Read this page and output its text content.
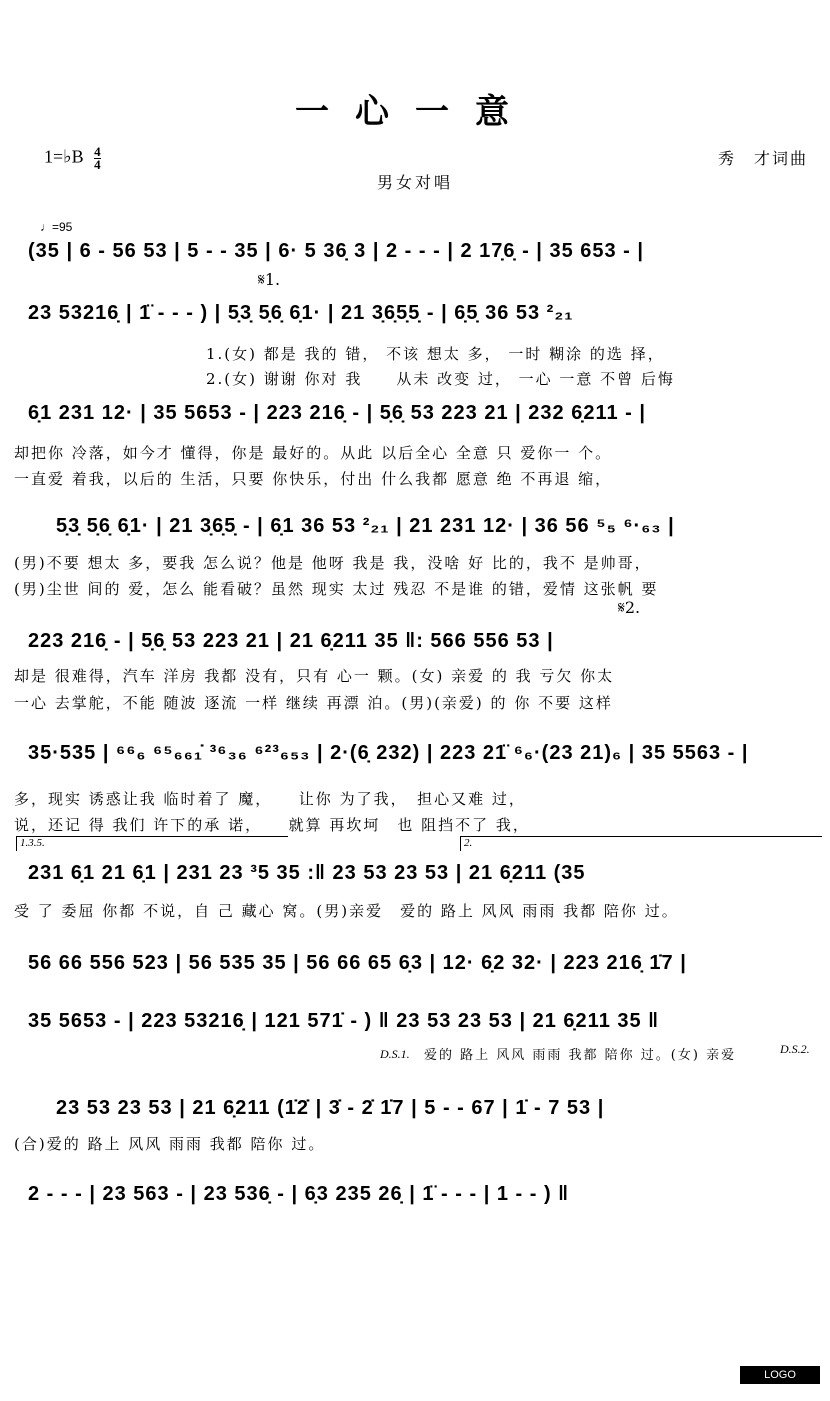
一心一意
1=♭B $\frac{4}{4}$	秀　才词曲
男女对唱
♩=95
(35 | 6 - 56 53 | 5 - - 35 | 6· 5 36̣ 3 | 2 - - - | 2 17̣6̣ - | 35 653 - |
𝄋1.
23 53216̣ | 1̈ - - - ) | 5̣3̣ 5̣6̣ 6̣1· | 21 3̣6̣5̣5̣ - | 6̣5̣ 36 53 ²₂₁
1.(女) 都是 我的 错， 不该 想太 多， 一时 糊涂 的选 择，
2.(女) 谢谢 你对 我　　从未 改变 过， 一心 一意 不曾 后悔
6̣1 231 12· | 35 5653 - | 223 216̣ - | 5̣6̣ 53 223 21 | 232 6̣211 - |
却把你 冷落，如今才 懂得，你是 最好的。从此 以后全心 全意 只 爱你一 个。
一直爱 着我，以后的 生活，只要 你快乐，付出 什么我都 愿意 绝 不再退 缩，
5̣3̣ 5̣6̣ 6̣1· | 21 3̣6̣5̣ - | 6̣1 36 53 ²₂₁ | 21 231 12· | 36 56 ⁵₅ ⁶·₆₃ |
(男)不要 想太 多，要我 怎么说？他是 他呀 我是 我，没啥 好 比的，我不 是帅哥，
(男)尘世 间的 爱，怎么 能看破？虽然 现实 太过 残忍 不是谁 的错，爱情 这张帆 要
𝄋2.
223 216̣ - | 5̣6̣ 53 223 21 | 21 6̣211 35 ‖: 566 556 53 |
却是 很难得，汽车 洋房 我都 没有，只有 心一 颗。(女) 亲爱 的 我 亏欠 你太
一心 去掌舵，不能 随波 逐流 一样 继续 再漂 泊。(男)(亲爱) 的 你 不要 这样
35·535 | ⁶⁶₆ ⁶⁵₆₆₁̇ ³⁶₃₆ ⁶²³₆₅₃ | 2·(6̣ 232) | 223 21̈ ⁶₆·(23 21)₆ | 35 5563 - |
多，现实 诱惑让我 临时着了 魔，　　让你 为了我，　担心又难 过，
说，还记 得 我们 许下的承 诺，　　就算 再坎坷　也 阻挡不了 我，
1.3.5.	2.
231 6̣1 21 6̣1 | 231 23 ³5 35 :‖ 23 53 23 53 | 21 6̣211 (35
受 了 委屈 你都 不说，自 己 藏心 窝。(男)亲爱　爱的 路上 风风 雨雨 我都 陪你 过。
56 66 556 523 | 56 535 35 | 56 66 65 6̣3 | 12· 6̣2 32· | 223 216̣ 1̇7 |
35 5653 - | 223 53216̣ | 121 571̇ - ) ‖ 23 53 23 53 | 21 6̣211 35 ‖
D.S.1. 爱的 路上 风风 雨雨 我都 陪你 过。(女) 亲爱	D.S.2.
23 53 23 53 | 21 6̣211 (1̇2̇ | 3̇ - 2̇ 1̇7 | 5 - - 67 | 1̇ - 7 53 |
(合)爱的 路上 风风 雨雨 我都 陪你 过。
2 - - - | 23 563 - | 23 536̣ - | 6̣3 235 26̣ | 1̈ - - - | 1 - - ) ‖
LOGO
